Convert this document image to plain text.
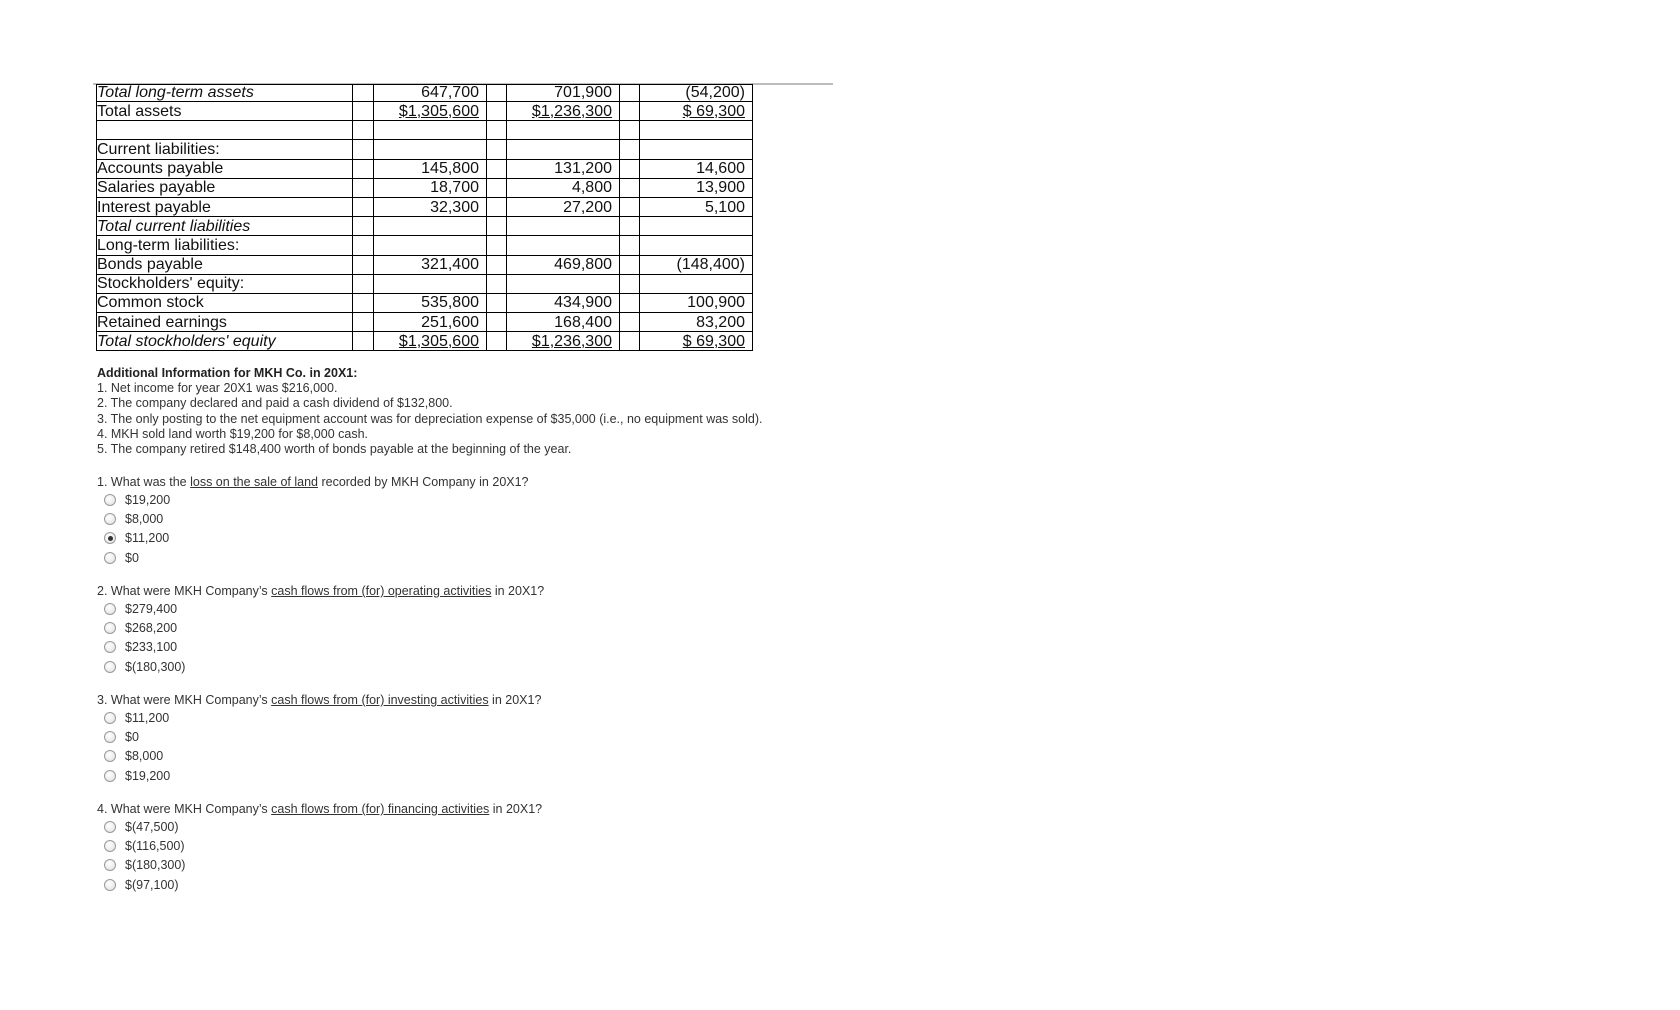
Total long-term assets		647,700		701,900		(54,200)
Total assets		$1,305,600		$1,236,300		$ 69,300

Current liabilities:						
Accounts payable		145,800		131,200		14,600
Salaries payable		18,700		4,800		13,900
Interest payable		32,300		27,200		5,100
Total current liabilities						
Long-term liabilities:						
Bonds payable		321,400		469,800		(148,400)
Stockholders' equity:						
Common stock		535,800		434,900		100,900
Retained earnings		251,600		168,400		83,200
Total stockholders' equity		$1,305,600		$1,236,300		$ 69,300
Additional Information for MKH Co. in 20X1:
1. Net income for year 20X1 was $216,000.
2. The company declared and paid a cash dividend of $132,800.
3. The only posting to the net equipment account was for depreciation expense of $35,000 (i.e., no equipment was sold).
4. MKH sold land worth $19,200 for $8,000 cash.
5. The company retired $148,400 worth of bonds payable at the beginning of the year.
1. What was the loss on the sale of land recorded by MKH Company in 20X1?
$19,200
$8,000
$11,200
$0
2. What were MKH Company’s cash flows from (for) operating activities in 20X1?
$279,400
$268,200
$233,100
$(180,300)
3. What were MKH Company’s cash flows from (for) investing activities in 20X1?
$11,200
$0
$8,000
$19,200
4. What were MKH Company’s cash flows from (for) financing activities in 20X1?
$(47,500)
$(116,500)
$(180,300)
$(97,100)
